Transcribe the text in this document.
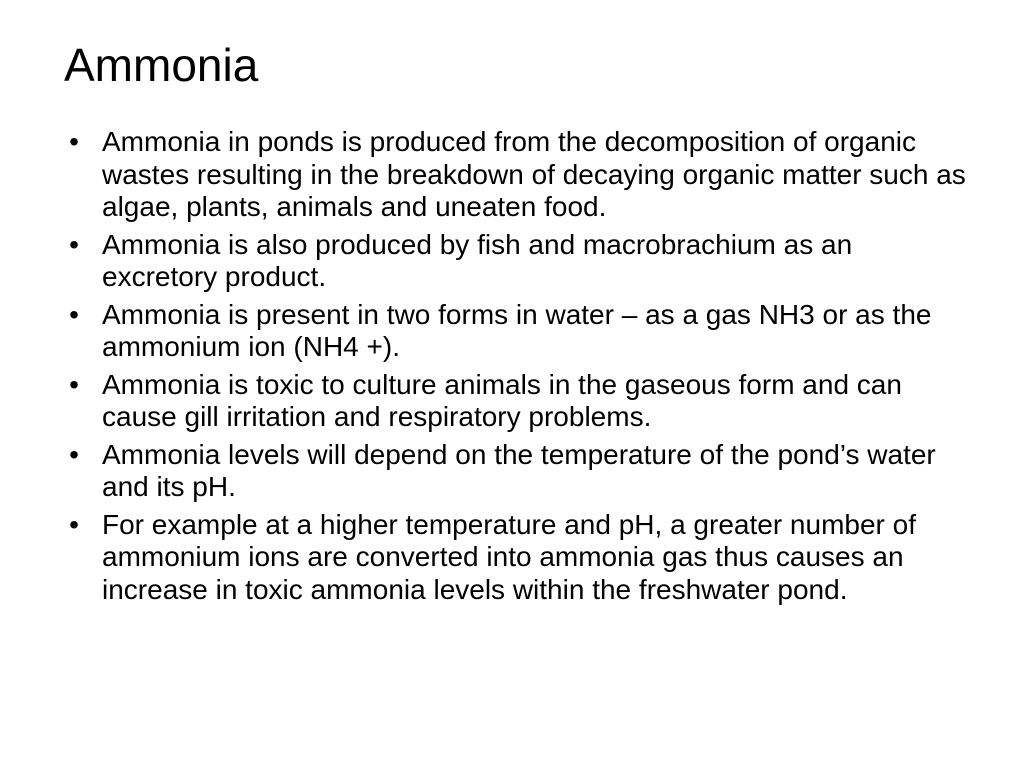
Ammonia
• Ammonia in ponds is produced from the decomposition of organic wastes resulting in the breakdown of decaying organic matter such as algae, plants, animals and uneaten food.
• Ammonia is also produced by fish and macrobrachium as an excretory product.
• Ammonia is present in two forms in water – as a gas NH3 or as the ammonium ion (NH4 +).
• Ammonia is toxic to culture animals in the gaseous form and can cause gill irritation and respiratory problems.
• Ammonia levels will depend on the temperature of the pond’s water and its pH.
• For example at a higher temperature and pH, a greater number of ammonium ions are converted into ammonia gas thus causes an increase in toxic ammonia levels within the freshwater pond.
